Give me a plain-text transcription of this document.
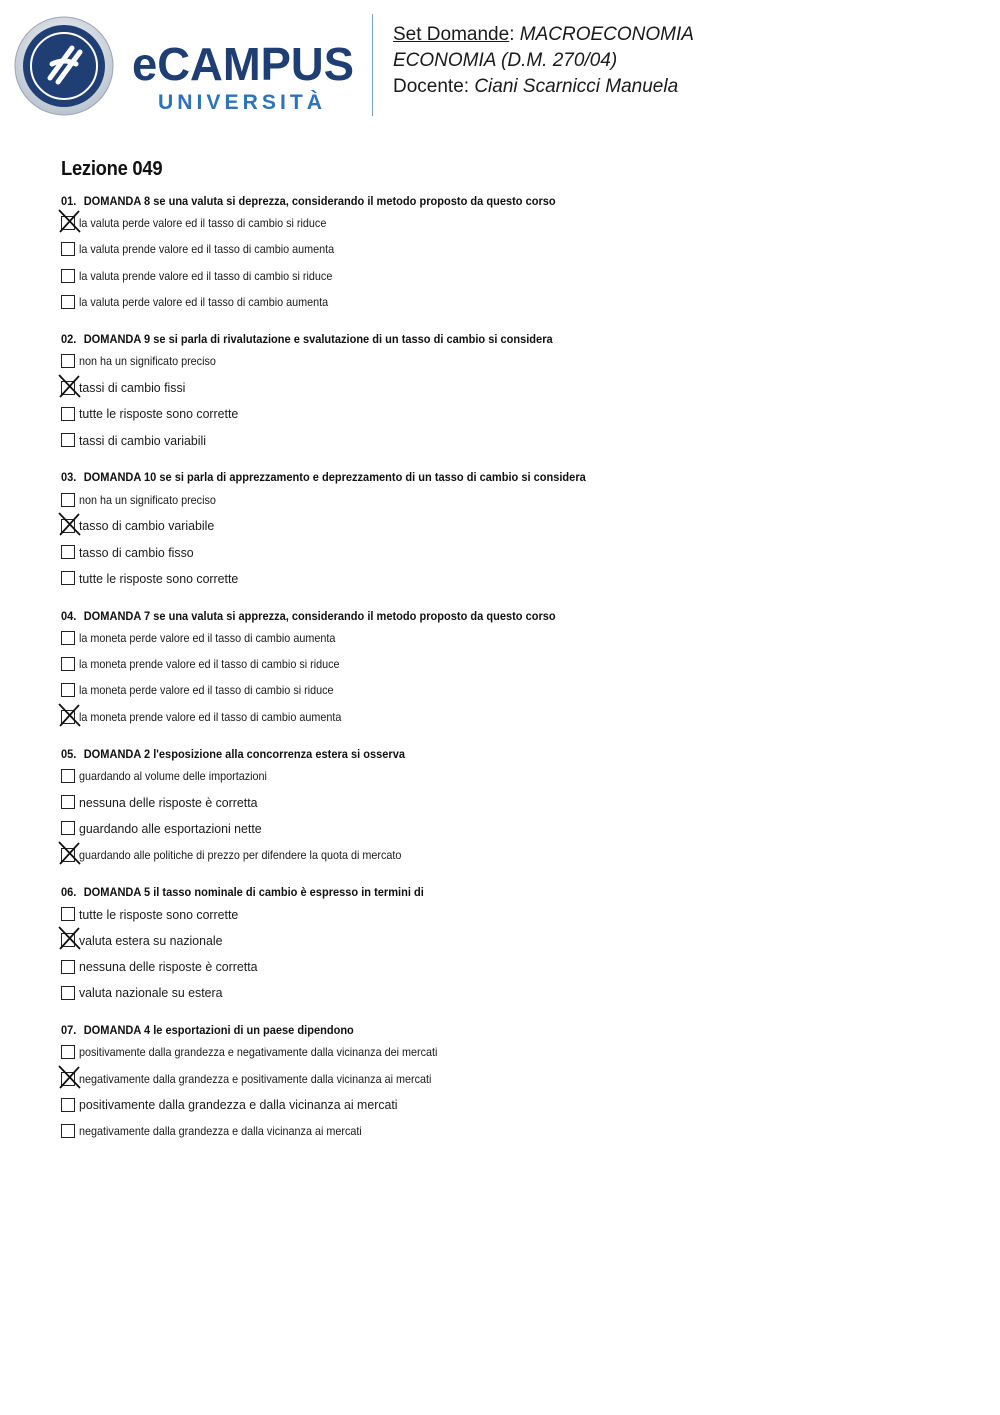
eCAMPUS
UNIVERSITÀ
Set Domande: MACROECONOMIA
ECONOMIA (D.M. 270/04)
Docente: Ciani Scarnicci Manuela
Lezione 049
01. DOMANDA 8 se una valuta si deprezza, considerando il metodo proposto da questo corso
la valuta perde valore ed il tasso di cambio si riduce
la valuta prende valore ed il tasso di cambio aumenta
la valuta prende valore ed il tasso di cambio si riduce
la valuta perde valore ed il tasso di cambio aumenta
02. DOMANDA 9 se si parla di rivalutazione e svalutazione di un tasso di cambio si considera
non ha un significato preciso
tassi di cambio fissi
tutte le risposte sono corrette
tassi di cambio variabili
03. DOMANDA 10 se si parla di apprezzamento e deprezzamento di un tasso di cambio si considera
non ha un significato preciso
tasso di cambio variabile
tasso di cambio fisso
tutte le risposte sono corrette
04. DOMANDA 7 se una valuta si apprezza, considerando il metodo proposto da questo corso
la moneta perde valore ed il tasso di cambio aumenta
la moneta prende valore ed il tasso di cambio si riduce
la moneta perde valore ed il tasso di cambio si riduce
la moneta prende valore ed il tasso di cambio aumenta
05. DOMANDA 2 l'esposizione alla concorrenza estera si osserva
guardando al volume delle importazioni
nessuna delle risposte è corretta
guardando alle esportazioni nette
guardando alle politiche di prezzo per difendere la quota di mercato
06. DOMANDA 5 il tasso nominale di cambio è espresso in termini di
tutte le risposte sono corrette
valuta estera su nazionale
nessuna delle risposte è corretta
valuta nazionale su estera
07. DOMANDA 4 le esportazioni di un paese dipendono
positivamente dalla grandezza e negativamente dalla vicinanza dei mercati
negativamente dalla grandezza e positivamente dalla vicinanza ai mercati
positivamente dalla grandezza e dalla vicinanza ai mercati
negativamente dalla grandezza e dalla vicinanza ai mercati
